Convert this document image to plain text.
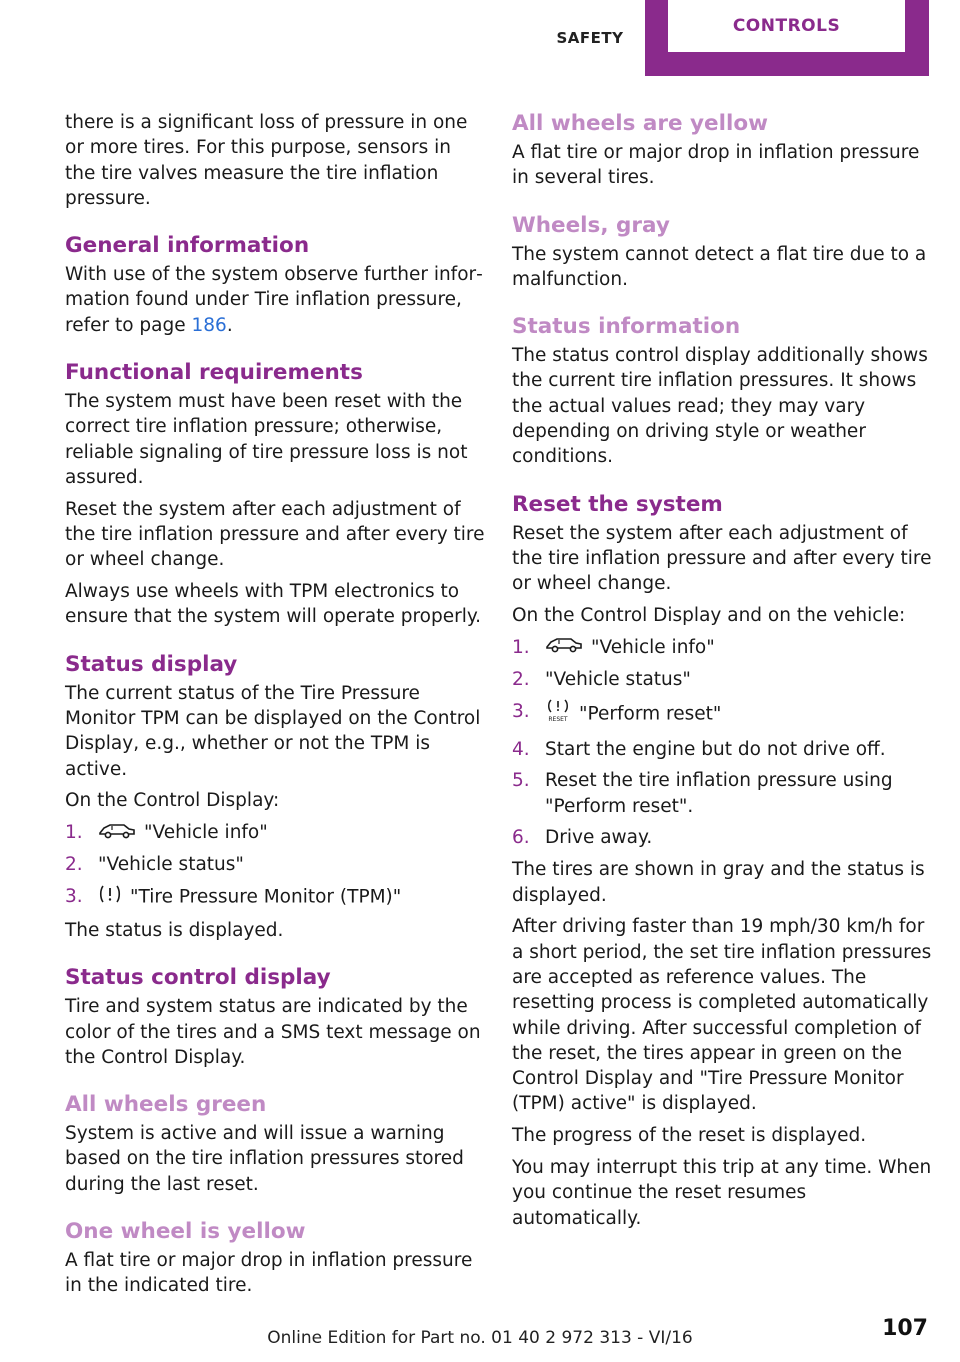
SAFETY
CONTROLS

there is a significant loss of pressure in one or more tires. For this purpose, sensors in the tire valves measure the tire inflation pressure.

General information

With use of the system observe further information found under Tire inflation pressure, refer to page 186.

Functional requirements

The system must have been reset with the correct tire inflation pressure; otherwise, reliable signaling of tire pressure loss is not assured.

Reset the system after each adjustment of the tire inflation pressure and after every tire or wheel change.

Always use wheels with TPM electronics to ensure that the system will operate properly.

Status display

The current status of the Tire Pressure Monitor TPM can be displayed on the Control Display, e.g., whether or not the TPM is active.

On the Control Display:

1.	"Vehicle info"
2. "Vehicle status"
3.	"Tire Pressure Monitor (TPM)"

The status is displayed.

Status control display

Tire and system status are indicated by the color of the tires and a SMS text message on the Control Display.

All wheels green

System is active and will issue a warning based on the tire inflation pressures stored during the last reset.

One wheel is yellow

A flat tire or major drop in inflation pressure in the indicated tire.

All wheels are yellow

A flat tire or major drop in inflation pressure in several tires.

Wheels, gray

The system cannot detect a flat tire due to a malfunction.

Status information

The status control display additionally shows the current tire inflation pressures. It shows the actual values read; they may vary depending on driving style or weather conditions.

Reset the system

Reset the system after each adjustment of the tire inflation pressure and after every tire or wheel change.

On the Control Display and on the vehicle:

1.	"Vehicle info"
2. "Vehicle status"
3.	RESET "Perform reset"
4. Start the engine but do not drive off.
5. Reset the tire inflation pressure using "Perform reset".
6. Drive away.

The tires are shown in gray and the status is displayed.

After driving faster than 19 mph/30 km/h for a short period, the set tire inflation pressures are accepted as reference values. The resetting process is completed automatically while driving. After successful completion of the reset, the tires appear in green on the Control Display and "Tire Pressure Monitor (TPM) active" is displayed.

The progress of the reset is displayed.

You may interrupt this trip at any time. When you continue the reset resumes automatically.

Online Edition for Part no. 01 40 2 972 313 - VI/16	107
